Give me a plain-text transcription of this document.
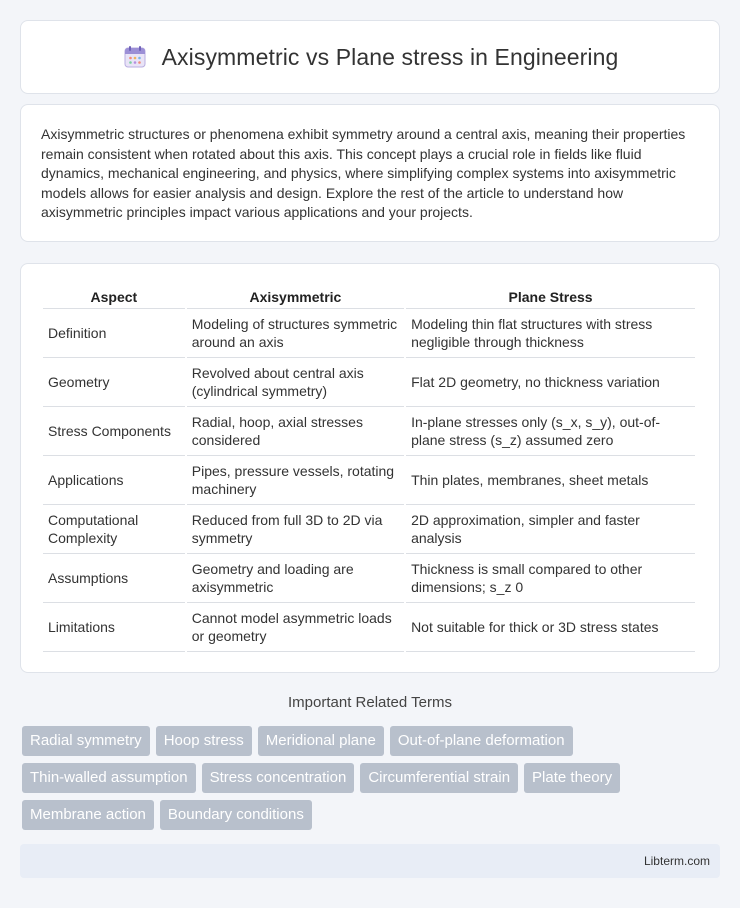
Axisymmetric vs Plane stress in Engineering

Axisymmetric structures or phenomena exhibit symmetry around a central axis, meaning their properties remain consistent when rotated about this axis. This concept plays a crucial role in fields like fluid dynamics, mechanical engineering, and physics, where simplifying complex systems into axisymmetric models allows for easier analysis and design. Explore the rest of the article to understand how axisymmetric principles impact various applications and your projects.

Aspect	Axisymmetric	Plane Stress
Definition	Modeling of structures symmetric around an axis	Modeling thin flat structures with stress negligible through thickness
Geometry	Revolved about central axis (cylindrical symmetry)	Flat 2D geometry, no thickness variation
Stress Components	Radial, hoop, axial stresses considered	In-plane stresses only (s_x, s_y), out-of-plane stress (s_z) assumed zero
Applications	Pipes, pressure vessels, rotating machinery	Thin plates, membranes, sheet metals
Computational Complexity	Reduced from full 3D to 2D via symmetry	2D approximation, simpler and faster analysis
Assumptions	Geometry and loading are axisymmetric	Thickness is small compared to other dimensions; s_z 0
Limitations	Cannot model asymmetric loads or geometry	Not suitable for thick or 3D stress states
Important Related Terms
Radial symmetry	Hoop stress	Meridional plane	Out-of-plane deformation
Thin-walled assumption	Stress concentration	Circumferential strain	Plate theory
Membrane action	Boundary conditions
Libterm.com
